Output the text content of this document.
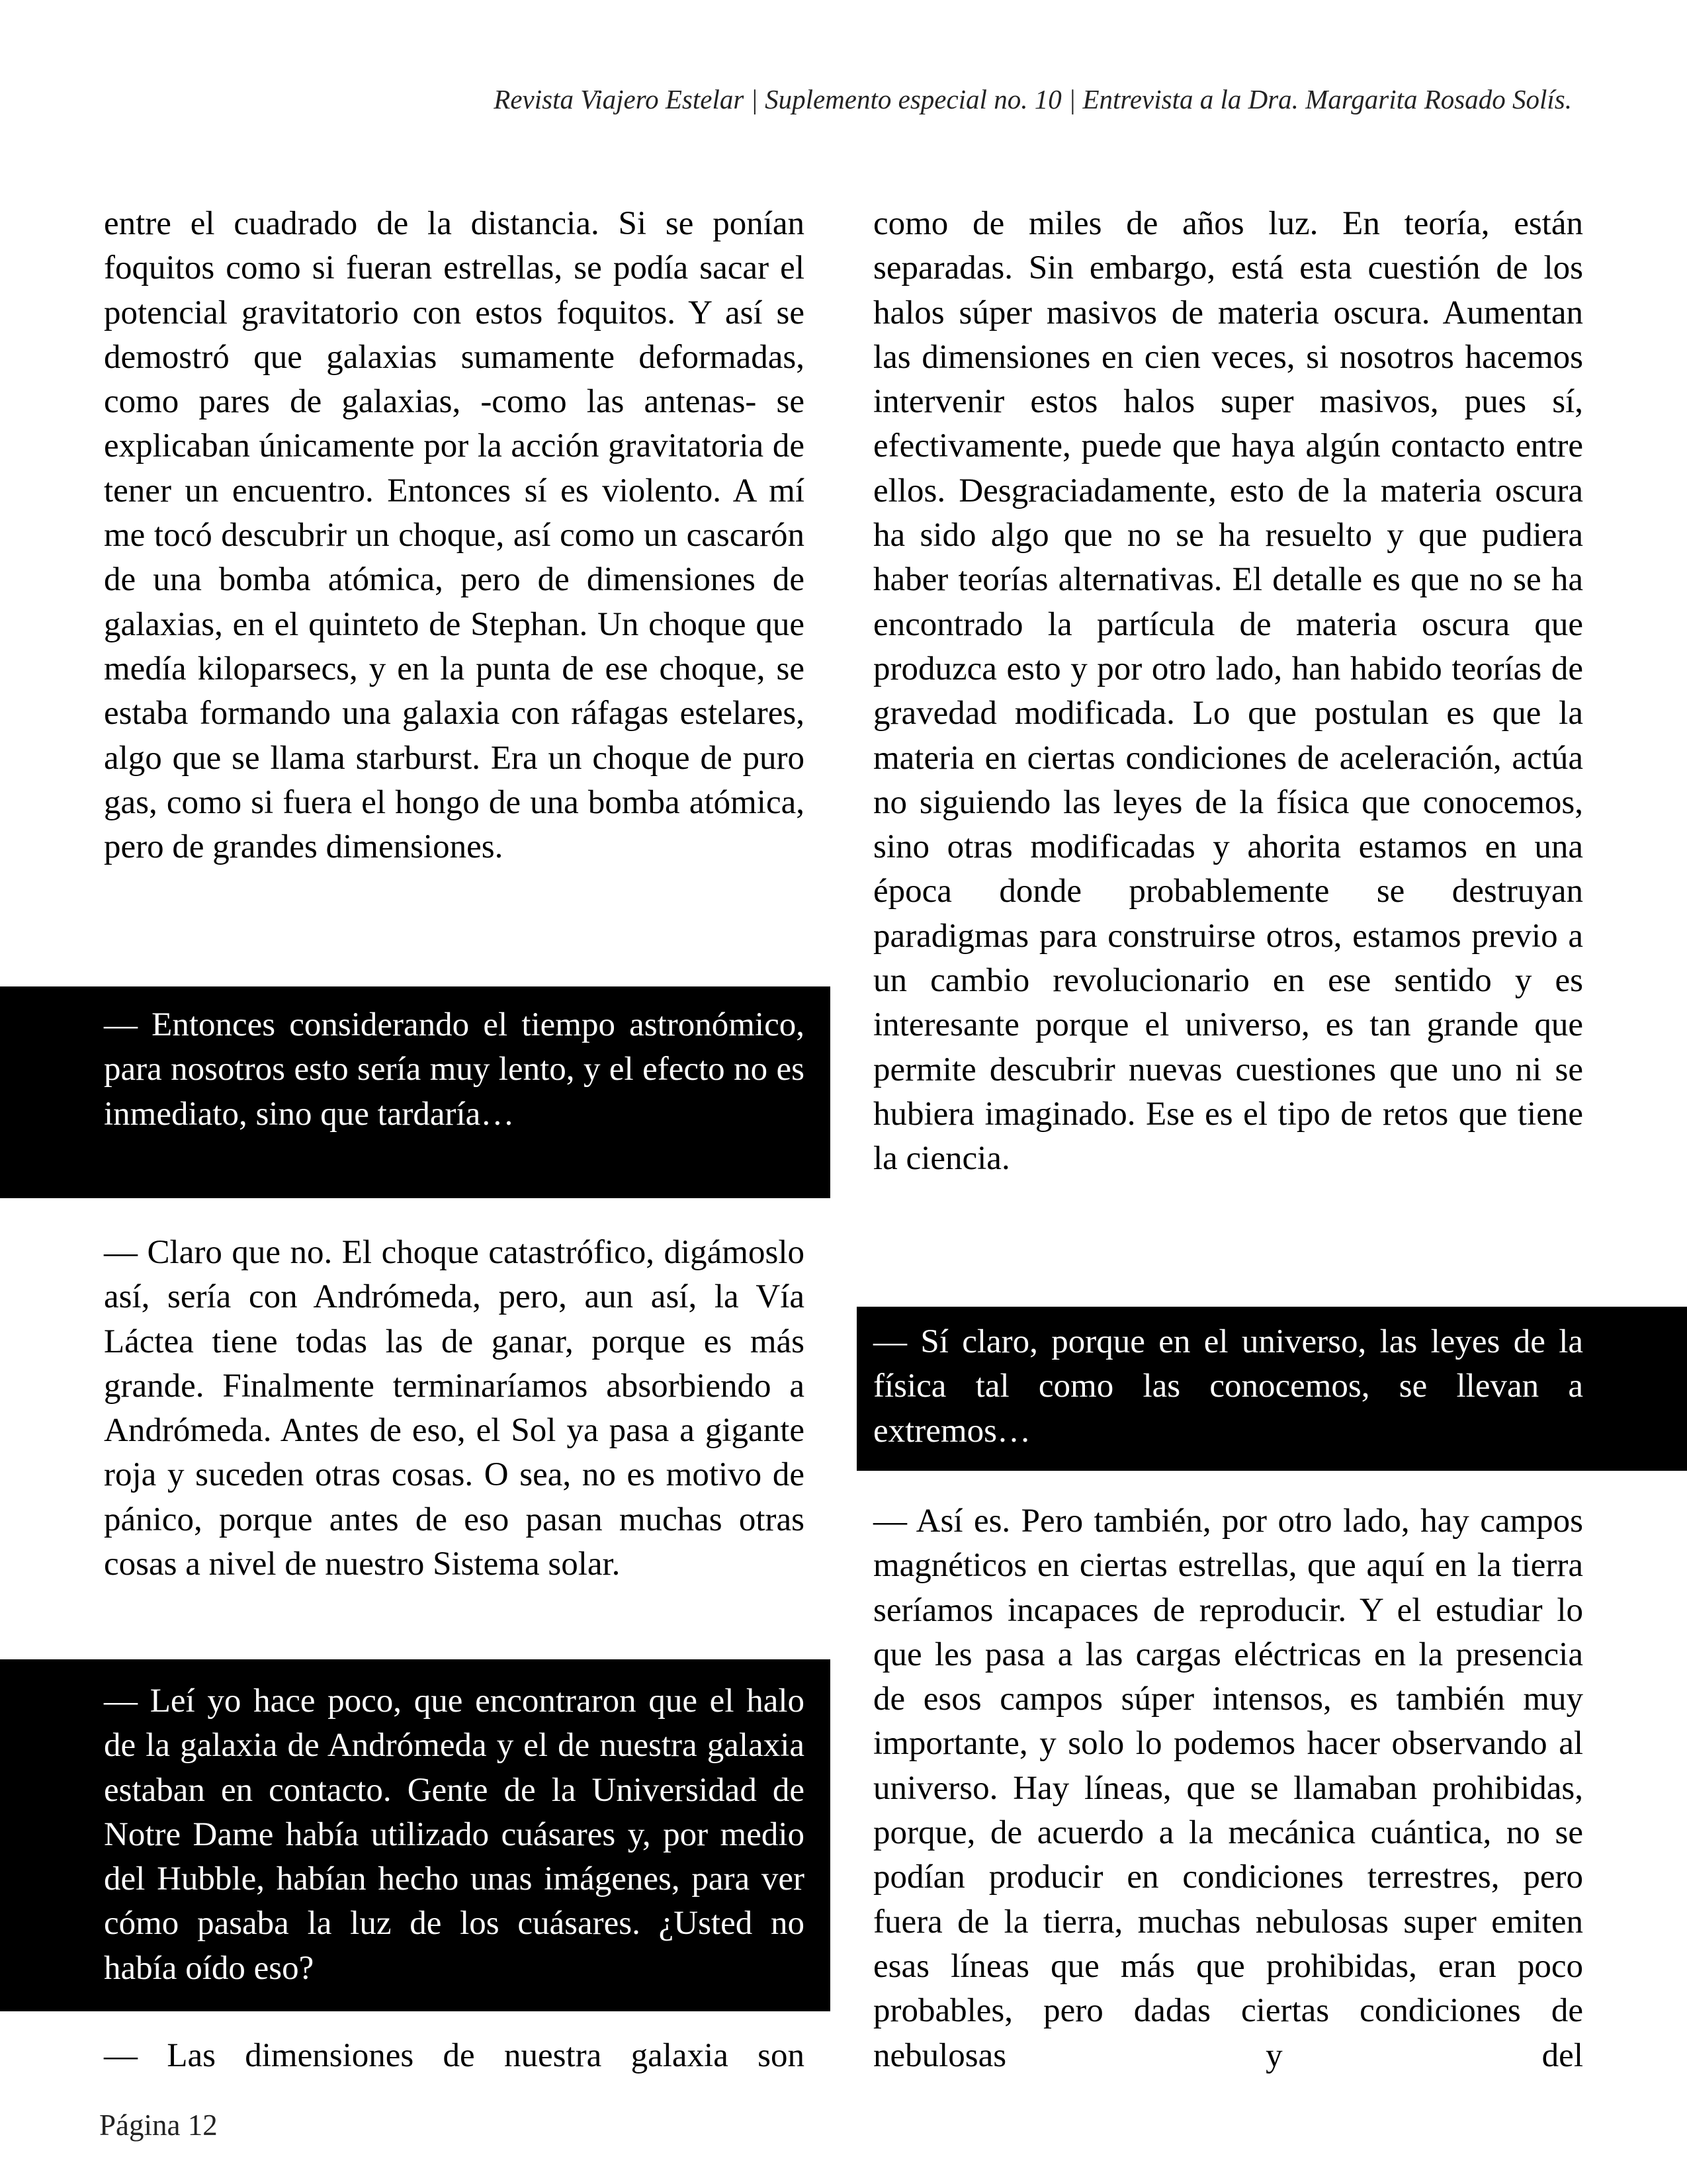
Revista Viajero Estelar | Suplemento especial no. 10 | Entrevista a la Dra. Margarita Rosado Solís.

entre el cuadrado de la distancia. Si se ponían foquitos como si fueran estrellas, se podía sacar el potencial gravitatorio con estos foquitos. Y así se demostró que galaxias sumamente deformadas, como pares de galaxias, -como las antenas- se explicaban únicamente por la acción gravitatoria de tener un encuentro. Entonces sí es violento. A mí me tocó descubrir un choque, así como un cascarón de una bomba atómica, pero de dimensiones de galaxias, en el quinteto de Stephan. Un choque que medía kiloparsecs, y en la punta de ese choque, se estaba formando una galaxia con ráfagas estelares, algo que se llama starburst. Era un choque de puro gas, como si fuera el hongo de una bomba atómica, pero de grandes dimensiones.

— Entonces considerando el tiempo astronómico, para nosotros esto sería muy lento, y el efecto no es inmediato, sino que tardaría…

— Claro que no. El choque catastrófico, digámoslo así, sería con Andrómeda, pero, aun así, la Vía Láctea tiene todas las de ganar, porque es más grande. Finalmente terminaríamos absorbiendo a Andrómeda. Antes de eso, el Sol ya pasa a gigante roja y suceden otras cosas. O sea, no es motivo de pánico, porque antes de eso pasan muchas otras cosas a nivel de nuestro Sistema solar.

— Leí yo hace poco, que encontraron que el halo de la galaxia de Andrómeda y el de nuestra galaxia estaban en contacto. Gente de la Universidad de Notre Dame había utilizado cuásares y, por medio del Hubble, habían hecho unas imágenes, para ver cómo pasaba la luz de los cuásares. ¿Usted no había oído eso?

— Las dimensiones de nuestra galaxia son

como de miles de años luz. En teoría, están separadas. Sin embargo, está esta cuestión de los halos súper masivos de materia oscura. Aumentan las dimensiones en cien veces, si nosotros hacemos intervenir estos halos super masivos, pues sí, efectivamente, puede que haya algún contacto entre ellos. Desgraciadamente, esto de la materia oscura ha sido algo que no se ha resuelto y que pudiera haber teorías alternativas. El detalle es que no se ha encontrado la partícula de materia oscura que produzca esto y por otro lado, han habido teorías de gravedad modificada. Lo que postulan es que la materia en ciertas condiciones de aceleración, actúa no siguiendo las leyes de la física que conocemos, sino otras modificadas y ahorita estamos en una época donde probablemente se destruyan paradigmas para construirse otros, estamos previo a un cambio revolucionario en ese sentido y es interesante porque el universo, es tan grande que permite descubrir nuevas cuestiones que uno ni se hubiera imaginado. Ese es el tipo de retos que tiene la ciencia.

— Sí claro, porque en el universo, las leyes de la física tal como las conocemos, se llevan a extremos…

— Así es. Pero también, por otro lado, hay campos magnéticos en ciertas estrellas, que aquí en la tierra seríamos incapaces de reproducir. Y el estudiar lo que les pasa a las cargas eléctricas en la presencia de esos campos súper intensos, es también muy importante, y solo lo podemos hacer observando al universo. Hay líneas, que se llamaban prohibidas, porque, de acuerdo a la mecánica cuántica, no se podían producir en condiciones terrestres, pero fuera de la tierra, muchas nebulosas super emiten esas líneas que más que prohibidas, eran poco probables, pero dadas ciertas condiciones de nebulosas y del

Página 12
